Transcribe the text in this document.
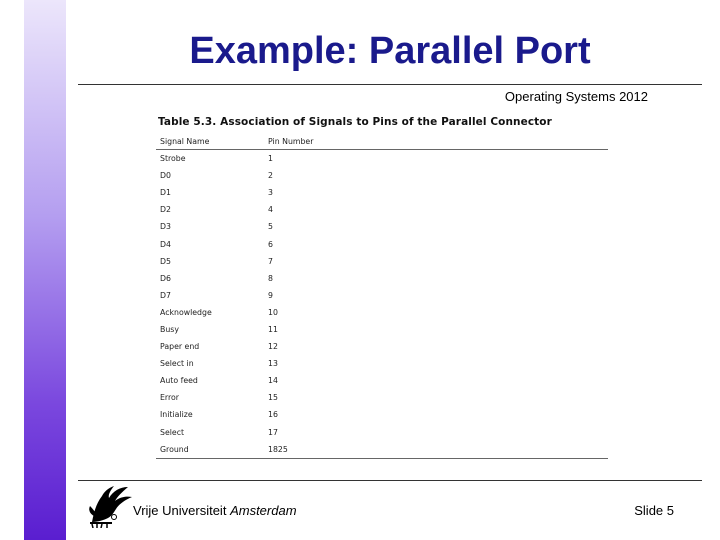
Example: Parallel Port
Operating Systems 2012
Table 5.3. Association of Signals to Pins of the Parallel Connector
Signal Name	Pin Number
Strobe	1
D0	2
D1	3
D2	4
D3	5
D4	6
D5	7
D6	8
D7	9
Acknowledge	10
Busy	11
Paper end	12
Select in	13
Auto feed	14
Error	15
Initialize	16
Select	17
Ground	1825
Vrije Universiteit Amsterdam	Slide 5
